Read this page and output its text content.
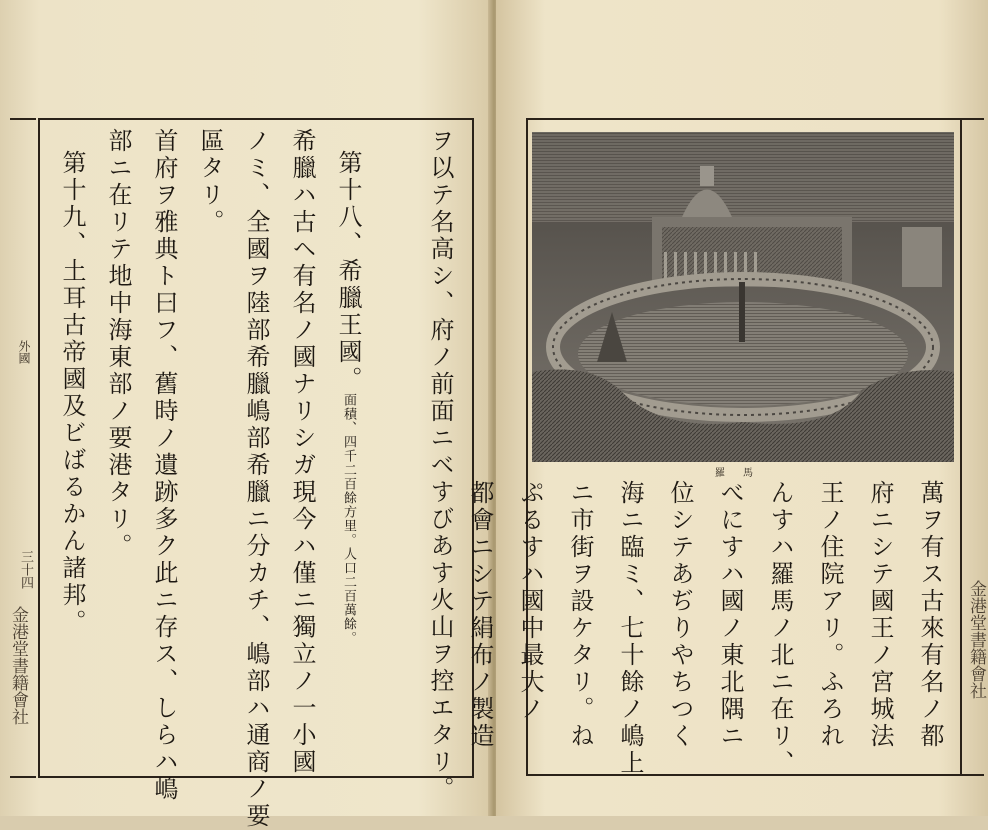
外國
三十四
金港堂書籍會社	ヲ以テ名高シ、府ノ前面ニベすびあす火山ヲ控エタリ。
第十八、希臘王國。面積、四千二百餘方里。人口二百萬餘。
希臘ハ古ヘ有名ノ國ナリシガ現今ハ僅ニ獨立ノ一小國
ノミ、全國ヲ陸部希臘嶋部希臘ニ分カチ、嶋部ハ通商ノ要
區タリ。
首府ヲ雅典ト曰フ、舊時ノ遺跡多ク此ニ存ス、しらハ嶋
部ニ在リテ地中海東部ノ要港タリ。
第十九、土耳古帝國及ビばるかん諸邦。
金港堂書籍會社
羅馬
萬ヲ有ス古來有名ノ都
府ニシテ國王ノ宮城法
王ノ住院アリ。ふろれ
んすハ羅馬ノ北ニ在リ、
べにすハ國ノ東北隅ニ
位シテあぢりやちつく
海ニ臨ミ、七十餘ノ嶋上
ニ市街ヲ設ケタリ。ね
ぷるすハ國中最大ノ
都會ニシテ絹布ノ製造
